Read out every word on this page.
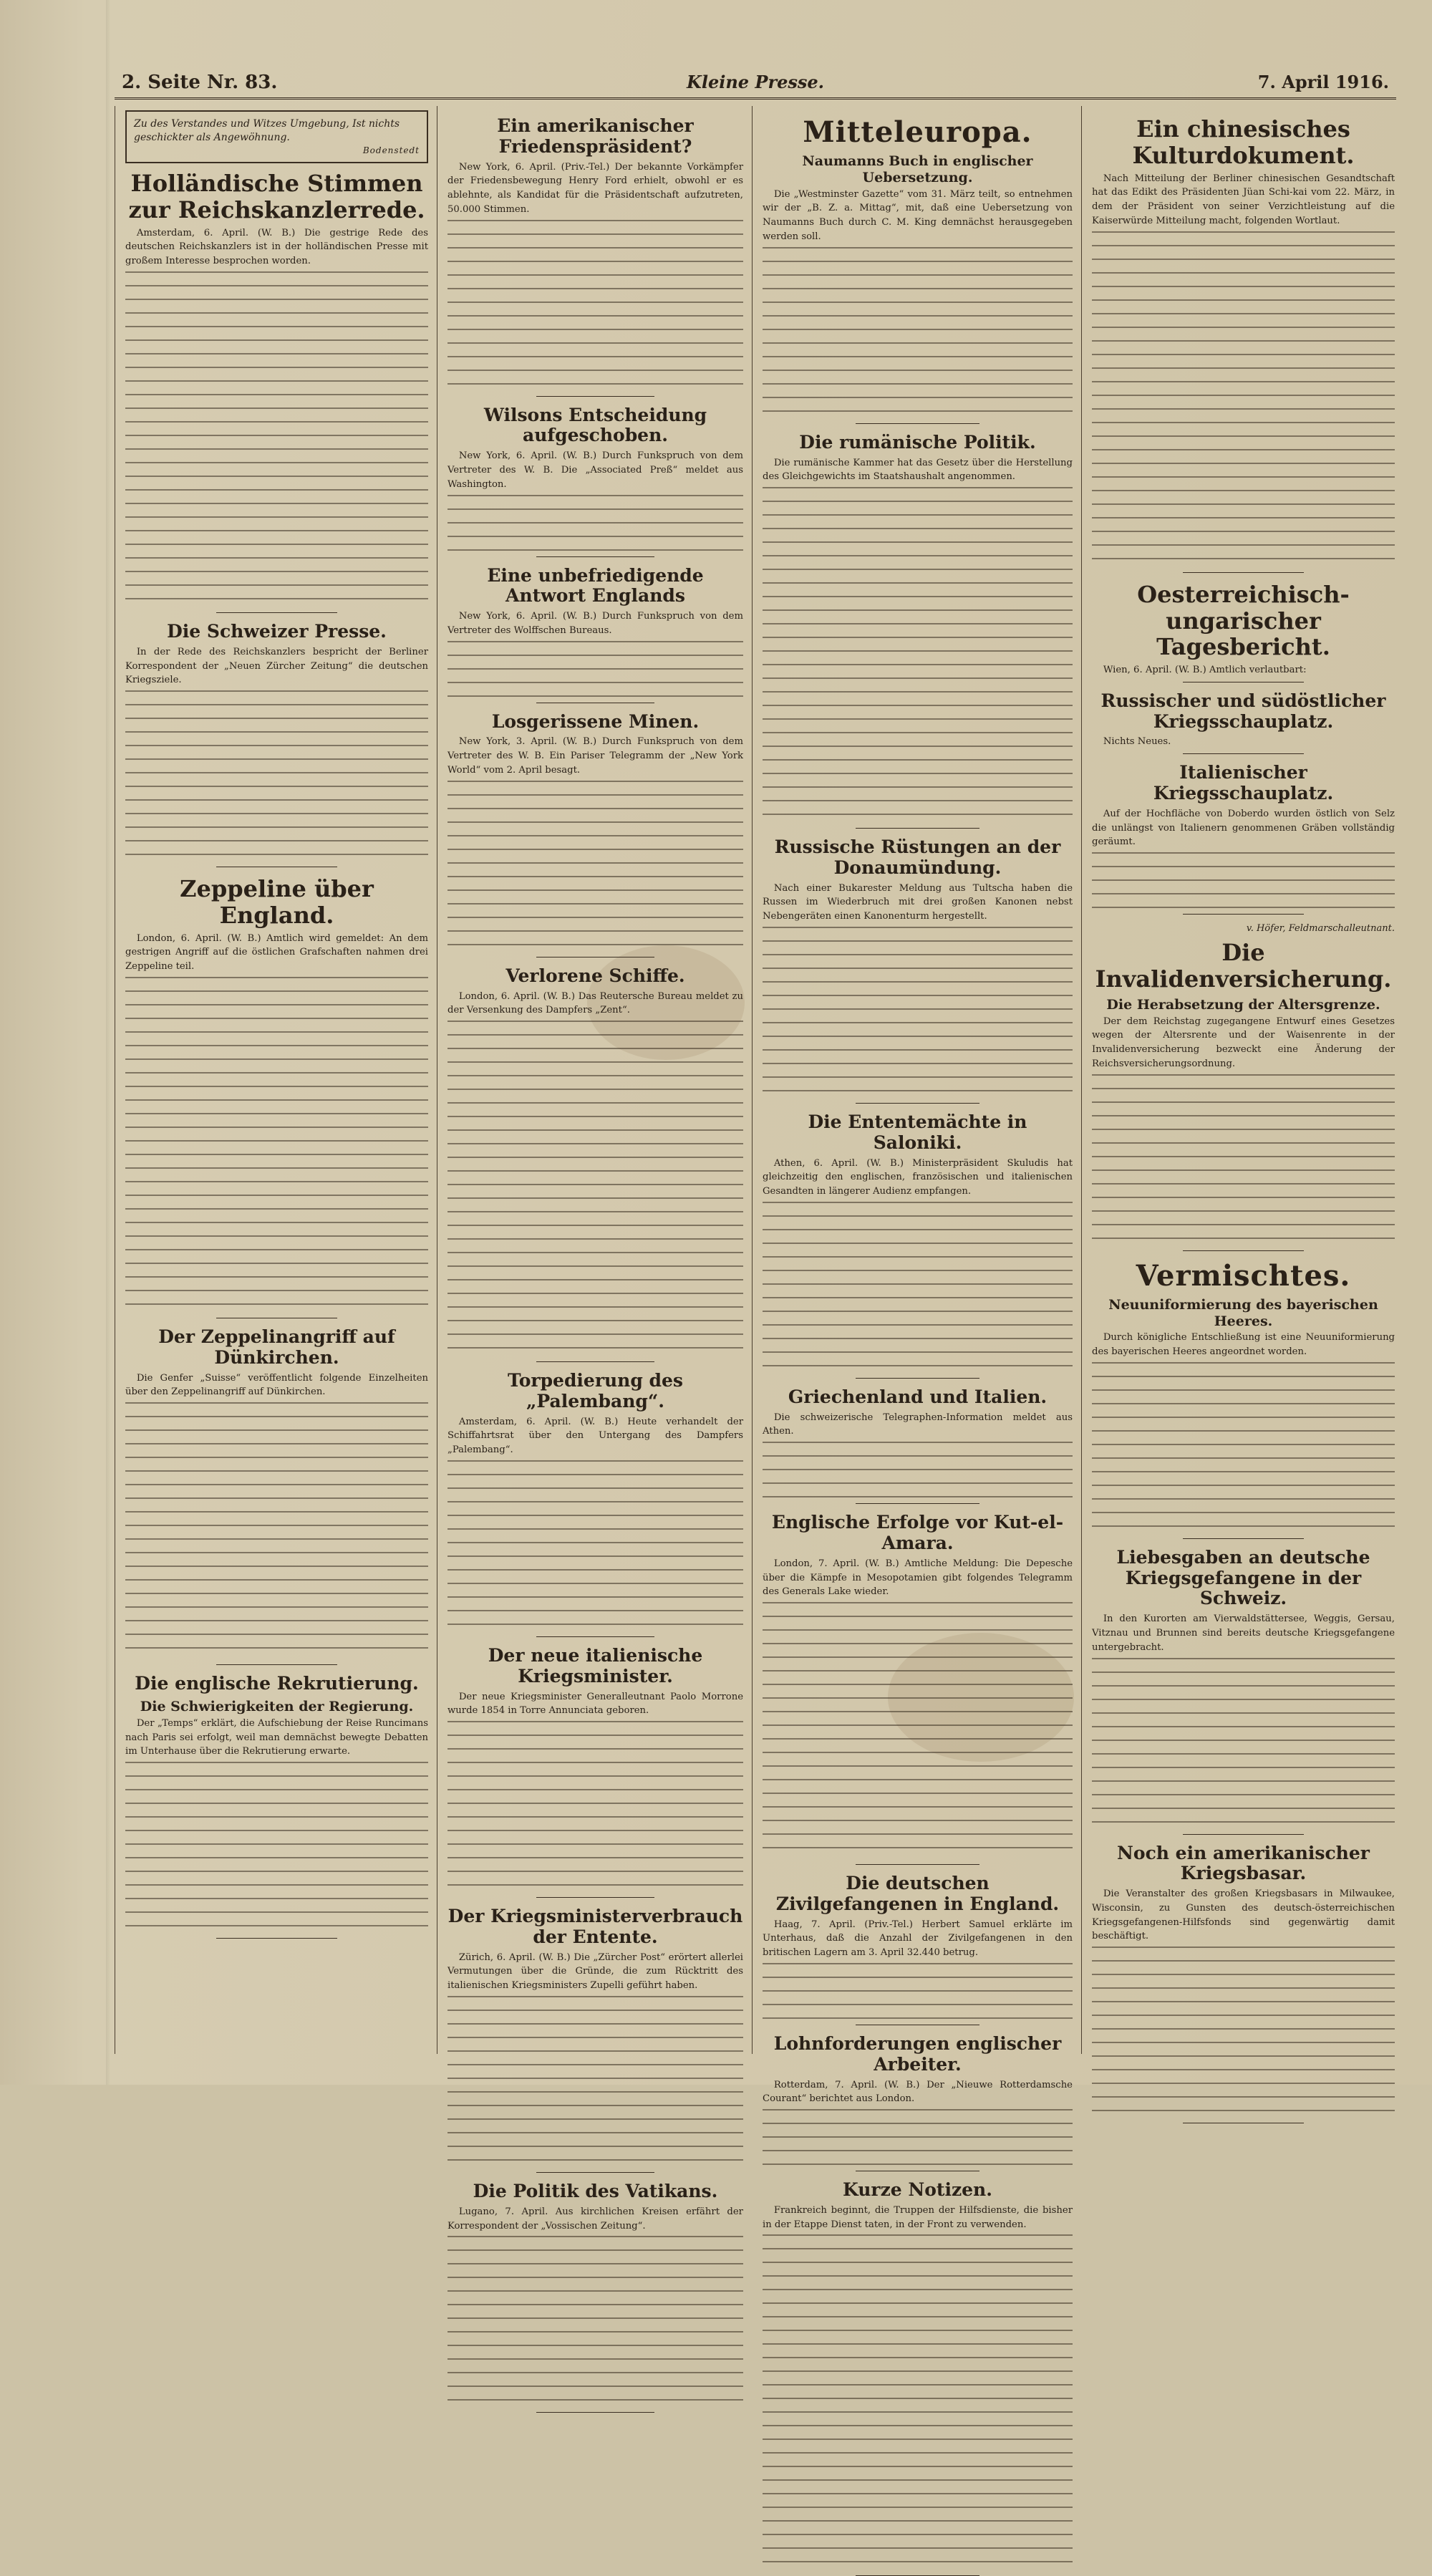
2. Seite Nr. 83.	Kleine Presse.	7. April 1916.
Zu des Verstandes und Witzes Umgebung, Ist nichts geschickter als Angewöhnung.
Bodenstedt
Holländische Stimmen zur Reichskanzlerrede.

Amsterdam, 6. April. (W. B.) Die gestrige Rede des deutschen Reichskanzlers ist in der holländischen Presse mit großem Interesse besprochen worden.

Die Schweizer Presse.

In der Rede des Reichskanzlers bespricht der Berliner Korrespondent der „Neuen Zürcher Zeitung“ die deutschen Kriegsziele.

Zeppeline über England.

London, 6. April. (W. B.) Amtlich wird gemeldet: An dem gestrigen Angriff auf die östlichen Grafschaften nahmen drei Zeppeline teil.

Der Zeppelinangriff auf Dünkirchen.

Die Genfer „Suisse“ veröffentlicht folgende Einzelheiten über den Zeppelinangriff auf Dünkirchen.

Die englische Rekrutierung.
Die Schwierigkeiten der Regierung.

Der „Temps“ erklärt, die Aufschiebung der Reise Runcimans nach Paris sei erfolgt, weil man demnächst bewegte Debatten im Unterhause über die Rekrutierung erwarte.

Ein amerikanischer Friedenspräsident?

New York, 6. April. (Priv.-Tel.) Der bekannte Vorkämpfer der Friedensbewegung Henry Ford erhielt, obwohl er es ablehnte, als Kandidat für die Präsidentschaft aufzutreten, 50.000 Stimmen.

Wilsons Entscheidung aufgeschoben.

New York, 6. April. (W. B.) Durch Funkspruch von dem Vertreter des W. B. Die „Associated Preß“ meldet aus Washington.

Eine unbefriedigende Antwort Englands

New York, 6. April. (W. B.) Durch Funkspruch von dem Vertreter des Wolffschen Bureaus.

Losgerissene Minen.

New York, 3. April. (W. B.) Durch Funkspruch von dem Vertreter des W. B. Ein Pariser Telegramm der „New York World“ vom 2. April besagt.

Verlorene Schiffe.

London, 6. April. (W. B.) Das Reutersche Bureau meldet zu der Versenkung des Dampfers „Zent“.

Torpedierung des „Palembang“.

Amsterdam, 6. April. (W. B.) Heute verhandelt der Schiffahrtsrat über den Untergang des Dampfers „Palembang“.

Der neue italienische Kriegsminister.

Der neue Kriegsminister Generalleutnant Paolo Morrone wurde 1854 in Torre Annunciata geboren.

Der Kriegsministerverbrauch der Entente.

Zürich, 6. April. (W. B.) Die „Zürcher Post“ erörtert allerlei Vermutungen über die Gründe, die zum Rücktritt des italienischen Kriegsministers Zupelli geführt haben.

Die Politik des Vatikans.

Lugano, 7. April. Aus kirchlichen Kreisen erfährt der Korrespondent der „Vossischen Zeitung“.

Mitteleuropa.
Naumanns Buch in englischer Uebersetzung.

Die „Westminster Gazette“ vom 31. März teilt, so entnehmen wir der „B. Z. a. Mittag“, mit, daß eine Uebersetzung von Naumanns Buch durch C. M. King demnächst herausgegeben werden soll.

Die rumänische Politik.

Die rumänische Kammer hat das Gesetz über die Herstellung des Gleichgewichts im Staatshaushalt angenommen.

Russische Rüstungen an der Donaumündung.

Nach einer Bukarester Meldung aus Tultscha haben die Russen im Wiederbruch mit drei großen Kanonen nebst Nebengeräten einen Kanonenturm hergestellt.

Die Ententemächte in Saloniki.

Athen, 6. April. (W. B.) Ministerpräsident Skuludis hat gleichzeitig den englischen, französischen und italienischen Gesandten in längerer Audienz empfangen.

Griechenland und Italien.

Die schweizerische Telegraphen-Information meldet aus Athen.

Englische Erfolge vor Kut-el-Amara.

London, 7. April. (W. B.) Amtliche Meldung: Die Depesche über die Kämpfe in Mesopotamien gibt folgendes Telegramm des Generals Lake wieder.

Die deutschen Zivilgefangenen in England.

Haag, 7. April. (Priv.-Tel.) Herbert Samuel erklärte im Unterhaus, daß die Anzahl der Zivilgefangenen in den britischen Lagern am 3. April 32.440 betrug.

Lohnforderungen englischer Arbeiter.

Rotterdam, 7. April. (W. B.) Der „Nieuwe Rotterdamsche Courant“ berichtet aus London.

Kurze Notizen.

Frankreich beginnt, die Truppen der Hilfsdienste, die bisher in der Etappe Dienst taten, in der Front zu verwenden.

Ein chinesisches Kulturdokument.

Nach Mitteilung der Berliner chinesischen Gesandtschaft hat das Edikt des Präsidenten Jüan Schi-kai vom 22. März, in dem der Präsident von seiner Verzichtleistung auf die Kaiserwürde Mitteilung macht, folgenden Wortlaut.

Oesterreichisch-ungarischer Tagesbericht.

Wien, 6. April. (W. B.) Amtlich verlautbart:

Russischer und südöstlicher Kriegsschauplatz.

Nichts Neues.

Italienischer Kriegsschauplatz.

Auf der Hochfläche von Doberdo wurden östlich von Selz die unlängst von Italienern genommenen Gräben vollständig geräumt.

v. Höfer, Feldmarschalleutnant.
Die Invalidenversicherung.
Die Herabsetzung der Altersgrenze.

Der dem Reichstag zugegangene Entwurf eines Gesetzes wegen der Altersrente und der Waisenrente in der Invalidenversicherung bezweckt eine Änderung der Reichsversicherungsordnung.

Vermischtes.
Neuuniformierung des bayerischen Heeres.

Durch königliche Entschließung ist eine Neuuniformierung des bayerischen Heeres angeordnet worden.

Liebesgaben an deutsche Kriegsgefangene in der Schweiz.

In den Kurorten am Vierwaldstättersee, Weggis, Gersau, Vitznau und Brunnen sind bereits deutsche Kriegsgefangene untergebracht.

Noch ein amerikanischer Kriegsbasar.

Die Veranstalter des großen Kriegsbasars in Milwaukee, Wisconsin, zu Gunsten des deutsch-österreichischen Kriegsgefangenen-Hilfsfonds sind gegenwärtig damit beschäftigt.
